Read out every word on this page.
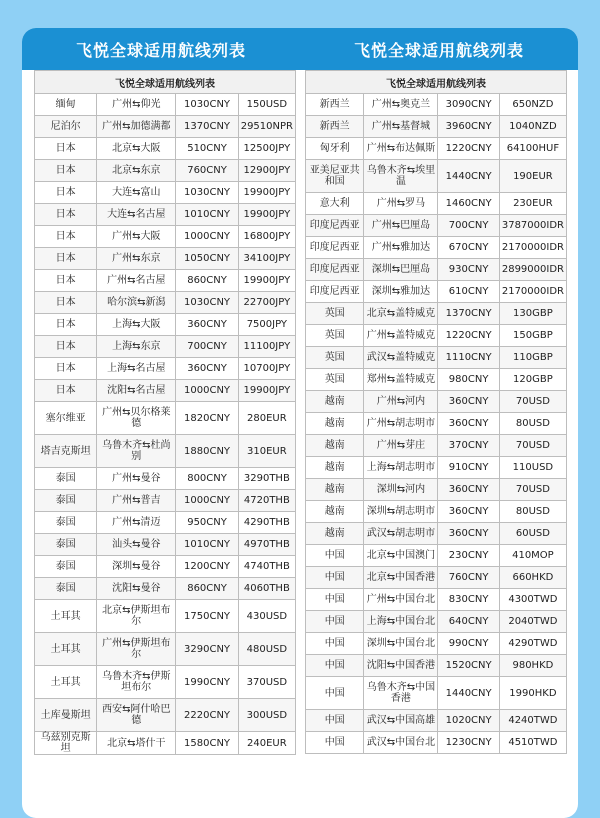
飞悦全球适用航线列表	飞悦全球适用航线列表
飞悦全球适用航线列表			
缅甸	广州⇆仰光	1030CNY	150USD
尼泊尔	广州⇆加德满都	1370CNY	29510NPR
日本	北京⇆大阪	510CNY	12500JPY
日本	北京⇆东京	760CNY	12900JPY
日本	大连⇆富山	1030CNY	19900JPY
日本	大连⇆名古屋	1010CNY	19900JPY
日本	广州⇆大阪	1000CNY	16800JPY
日本	广州⇆东京	1050CNY	34100JPY
日本	广州⇆名古屋	860CNY	19900JPY
日本	哈尔滨⇆新潟	1030CNY	22700JPY
日本	上海⇆大阪	360CNY	7500JPY
日本	上海⇆东京	700CNY	11100JPY
日本	上海⇆名古屋	360CNY	10700JPY
日本	沈阳⇆名古屋	1000CNY	19900JPY
塞尔维亚	广州⇆贝尔格莱德	1820CNY	280EUR
塔吉克斯坦	乌鲁木齐⇆杜尚别	1880CNY	310EUR
泰国	广州⇆曼谷	800CNY	3290THB
泰国	广州⇆普吉	1000CNY	4720THB
泰国	广州⇆清迈	950CNY	4290THB
泰国	汕头⇆曼谷	1010CNY	4970THB
泰国	深圳⇆曼谷	1200CNY	4740THB
泰国	沈阳⇆曼谷	860CNY	4060THB
土耳其	北京⇆伊斯坦布尔	1750CNY	430USD
土耳其	广州⇆伊斯坦布尔	3290CNY	480USD
土耳其	乌鲁木齐⇆伊斯坦布尔	1990CNY	370USD
土库曼斯坦	西安⇆阿什哈巴德	2220CNY	300USD
乌兹别克斯坦	北京⇆塔什干	1580CNY	240EUR
飞悦全球适用航线列表			
新西兰	广州⇆奥克兰	3090CNY	650NZD
新西兰	广州⇆基督城	3960CNY	1040NZD
匈牙利	广州⇆布达佩斯	1220CNY	64100HUF
亚美尼亚共和国	乌鲁木齐⇆埃里温	1440CNY	190EUR
意大利	广州⇆罗马	1460CNY	230EUR
印度尼西亚	广州⇆巴厘岛	700CNY	3787000IDR
印度尼西亚	广州⇆雅加达	670CNY	2170000IDR
印度尼西亚	深圳⇆巴厘岛	930CNY	2899000IDR
印度尼西亚	深圳⇆雅加达	610CNY	2170000IDR
英国	北京⇆盖特威克	1370CNY	130GBP
英国	广州⇆盖特威克	1220CNY	150GBP
英国	武汉⇆盖特威克	1110CNY	110GBP
英国	郑州⇆盖特威克	980CNY	120GBP
越南	广州⇆河内	360CNY	70USD
越南	广州⇆胡志明市	360CNY	80USD
越南	广州⇆芽庄	370CNY	70USD
越南	上海⇆胡志明市	910CNY	110USD
越南	深圳⇆河内	360CNY	70USD
越南	深圳⇆胡志明市	360CNY	80USD
越南	武汉⇆胡志明市	360CNY	60USD
中国	北京⇆中国澳门	230CNY	410MOP
中国	北京⇆中国香港	760CNY	660HKD
中国	广州⇆中国台北	830CNY	4300TWD
中国	上海⇆中国台北	640CNY	2040TWD
中国	深圳⇆中国台北	990CNY	4290TWD
中国	沈阳⇆中国香港	1520CNY	980HKD
中国	乌鲁木齐⇆中国香港	1440CNY	1990HKD
中国	武汉⇆中国高雄	1020CNY	4240TWD
中国	武汉⇆中国台北	1230CNY	4510TWD
